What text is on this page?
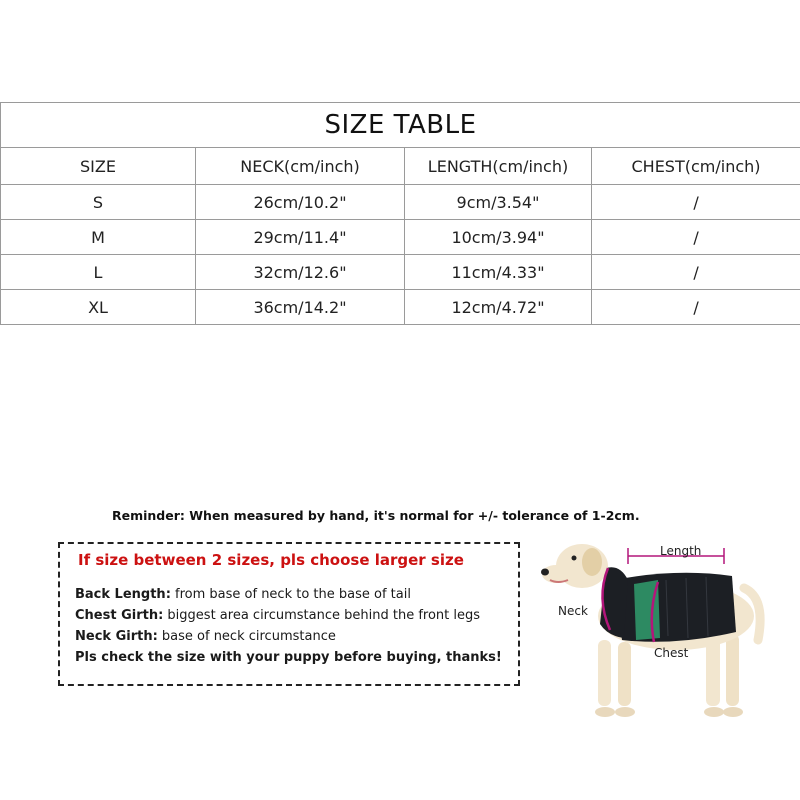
SIZE TABLE			
SIZE	NECK(cm/inch)	LENGTH(cm/inch)	CHEST(cm/inch)
S	26cm/10.2"	9cm/3.54"	/
M	29cm/11.4"	10cm/3.94"	/
L	32cm/12.6"	11cm/4.33"	/
XL	36cm/14.2"	12cm/4.72"	/
Reminder: When measured by hand, it's normal for +/- tolerance of 1-2cm.
If size between 2 sizes, pls choose larger size
Back Length: from base of neck to the base of tail
Chest Girth: biggest area circumstance behind the front legs
Neck Girth: base of neck circumstance
Pls check the size with your puppy before buying, thanks!
Length
Neck
Chest
